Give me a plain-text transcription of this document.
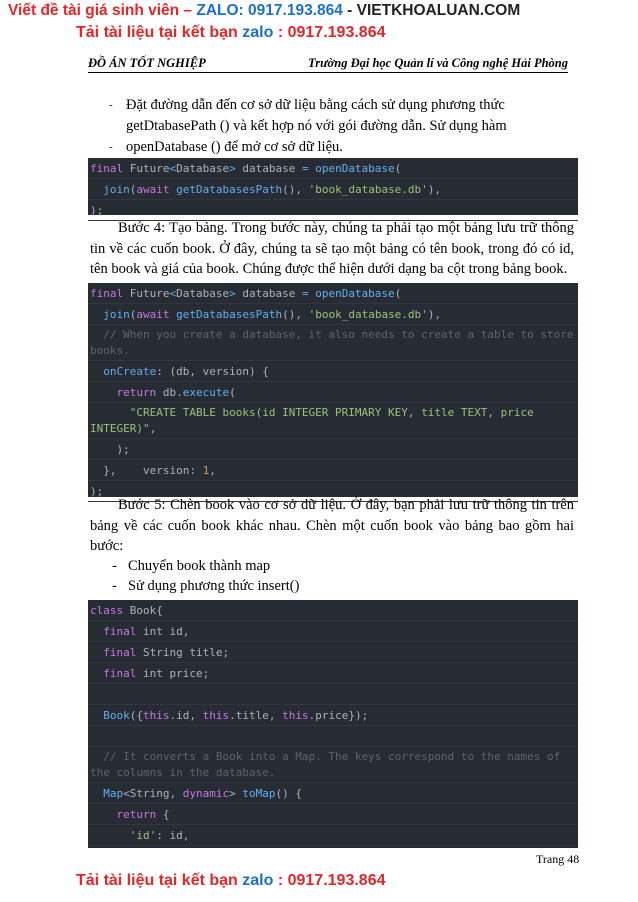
Viết đề tài giá sinh viên – ZALO: 0917.193.864 - VIETKHOALUAN.COM
Tải tài liệu tại kết bạn zalo : 0917.193.864
ĐỒ ÁN TỐT NGHIỆP	Trường Đại học Quản lí và Công nghệ Hải Phòng
- Đặt đường dẫn đến cơ sở dữ liệu bằng cách sử dụng phương thức
getDtabasePath () và kết hợp nó với gói đường dẫn. Sử dụng hàm
- openDatabase () để mở cơ sở dữ liệu.
final Future<Database> database = openDatabase(
join(await getDatabasesPath(), 'book_database.db'),
);
Bước 4: Tạo bảng. Trong bước này, chúng ta phải tạo một bảng lưu trữ thông tin về các cuốn book. Ở đây, chúng ta sẽ tạo một bảng có tên book, trong đó có id, tên book và giá của book. Chúng được thể hiện dưới dạng ba cột trong bảng book.
final Future<Database> database = openDatabase(
join(await getDatabasesPath(), 'book_database.db'),
// When you create a database, it also needs to create a table to store books.
onCreate: (db, version) {
return db.execute(
"CREATE TABLE books(id INTEGER PRIMARY KEY, title TEXT, price INTEGER)",
);
},    version: 1,
);
Bước 5: Chèn book vào cơ sở dữ liệu. Ở đây, bạn phải lưu trữ thông tin trên bảng về các cuốn book khác nhau. Chèn một cuốn book vào bảng bao gồm hai bước:
- Chuyển book thành map
- Sử dụng phương thức insert()
class Book{
final int id,
final String title;
final int price;
Book({this.id, this.title, this.price});
// It converts a Book into a Map. The keys correspond to the names of the columns in the database.
Map<String, dynamic> toMap() {
return {
'id': id,
Trang 48
Tải tài liệu tại kết bạn zalo : 0917.193.864
